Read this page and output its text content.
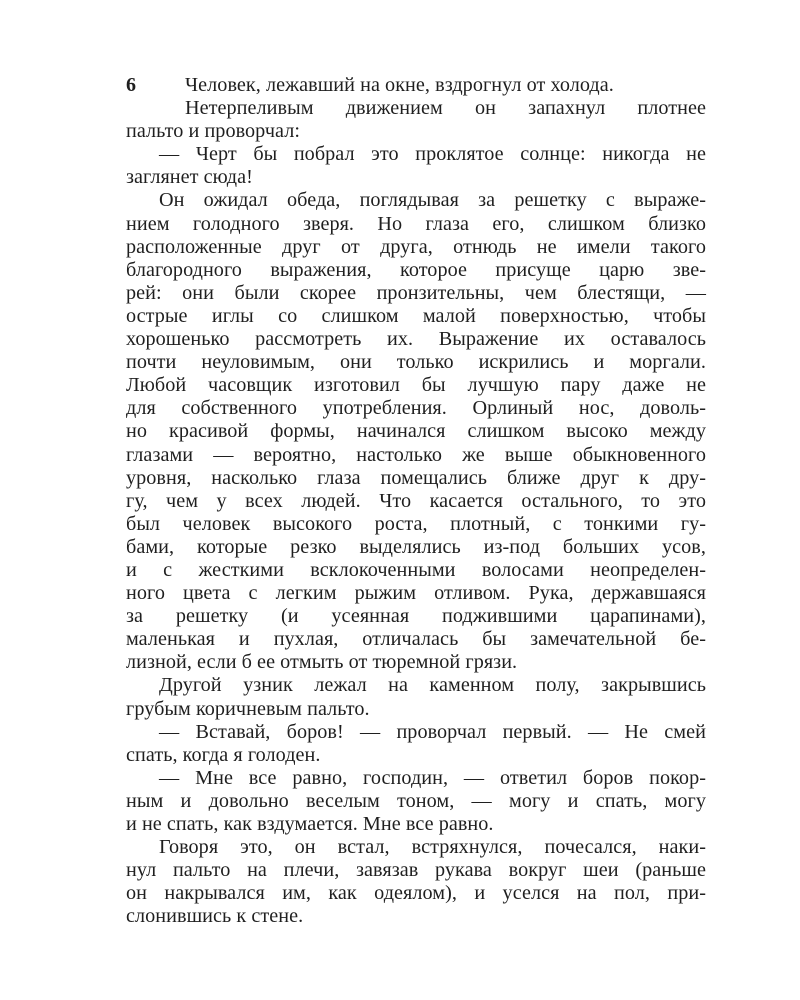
6	Человек, лежавший на окне, вздрогнул от холода.
Нетерпеливым движением он запахнул плотнее
пальто и проворчал:
— Черт бы побрал это проклятое солнце: никогда не
заглянет сюда!
Он ожидал обеда, поглядывая за решетку с выраже-
нием голодного зверя. Но глаза его, слишком близко
расположенные друг от друга, отнюдь не имели такого
благородного выражения, которое присуще царю зве-
рей: они были скорее пронзительны, чем блестящи, —
острые иглы со слишком малой поверхностью, чтобы
хорошенько рассмотреть их. Выражение их оставалось
почти неуловимым, они только искрились и моргали.
Любой часовщик изготовил бы лучшую пару даже не
для собственного употребления. Орлиный нос, доволь-
но красивой формы, начинался слишком высоко между
глазами — вероятно, настолько же выше обыкновенного
уровня, насколько глаза помещались ближе друг к дру-
гу, чем у всех людей. Что касается остального, то это
был человек высокого роста, плотный, с тонкими гу-
бами, которые резко выделялись из-под больших усов,
и с жесткими всклокоченными волосами неопределен-
ного цвета с легким рыжим отливом. Рука, державшаяся
за решетку (и усеянная поджившими царапинами),
маленькая и пухлая, отличалась бы замечательной бе-
лизной, если б ее отмыть от тюремной грязи.
Другой узник лежал на каменном полу, закрывшись
грубым коричневым пальто.
— Вставай, боров! — проворчал первый. — Не смей
спать, когда я голоден.
— Мне все равно, господин, — ответил боров покор-
ным и довольно веселым тоном, — могу и спать, могу
и не спать, как вздумается. Мне все равно.
Говоря это, он встал, встряхнулся, почесался, наки-
нул пальто на плечи, завязав рукава вокруг шеи (раньше
он накрывался им, как одеялом), и уселся на пол, при-
слонившись к стене.
